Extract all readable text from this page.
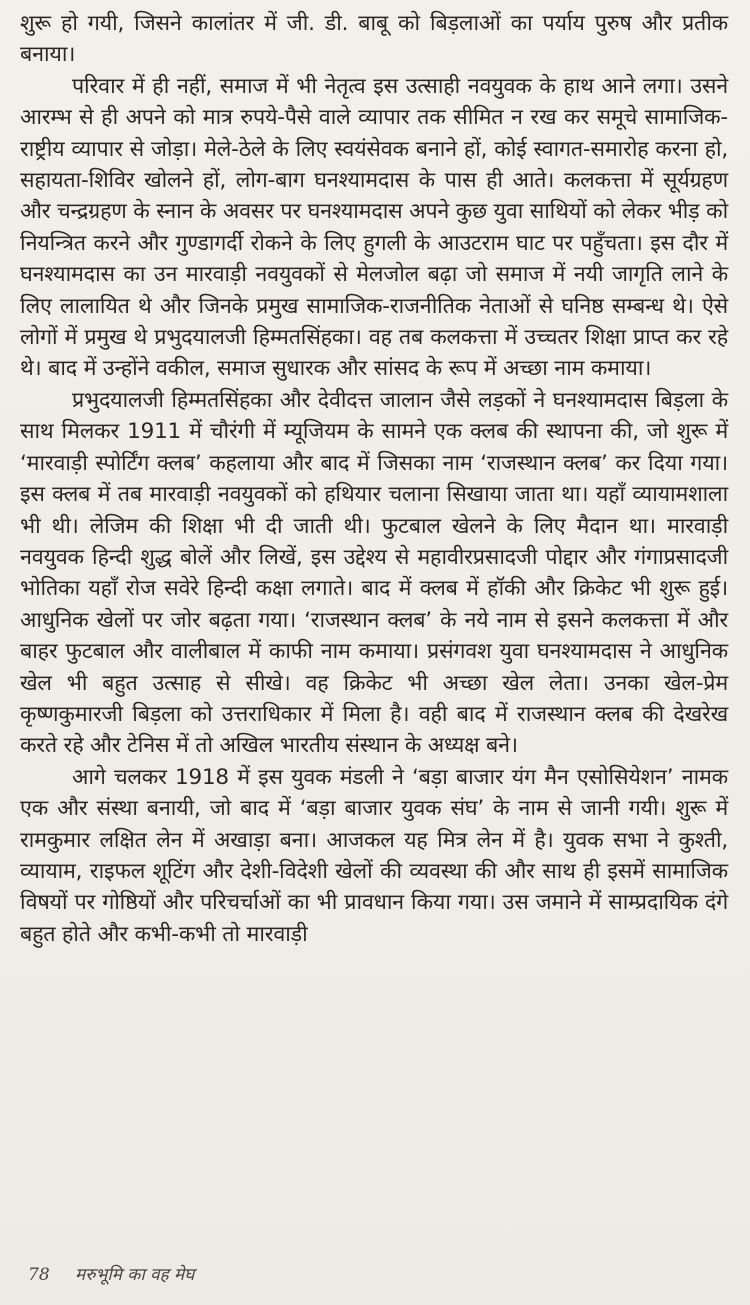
शुरू हो गयी, जिसने कालांतर में जी. डी. बाबू को बिड़लाओं का पर्याय पुरुष और प्रतीक बनाया।

परिवार में ही नहीं, समाज में भी नेतृत्व इस उत्साही नवयुवक के हाथ आने लगा। उसने आरम्भ से ही अपने को मात्र रुपये-पैसे वाले व्यापार तक सीमित न रख कर समूचे सामाजिक-राष्ट्रीय व्यापार से जोड़ा। मेले-ठेले के लिए स्वयंसेवक बनाने हों, कोई स्वागत-समारोह करना हो, सहायता-शिविर खोलने हों, लोग-बाग घनश्यामदास के पास ही आते। कलकत्ता में सूर्यग्रहण और चन्द्रग्रहण के स्नान के अवसर पर घनश्यामदास अपने कुछ युवा साथियों को लेकर भीड़ को नियन्त्रित करने और गुण्डागर्दी रोकने के लिए हुगली के आउटराम घाट पर पहुँचता। इस दौर में घनश्यामदास का उन मारवाड़ी नवयुवकों से मेलजोल बढ़ा जो समाज में नयी जागृति लाने के लिए लालायित थे और जिनके प्रमुख सामाजिक-राजनीतिक नेताओं से घनिष्ठ सम्बन्ध थे। ऐसे लोगों में प्रमुख थे प्रभुदयालजी हिम्मतसिंहका। वह तब कलकत्ता में उच्चतर शिक्षा प्राप्त कर रहे थे। बाद में उन्होंने वकील, समाज सुधारक और सांसद के रूप में अच्छा नाम कमाया।

प्रभुदयालजी हिम्मतसिंहका और देवीदत्त जालान जैसे लड़कों ने घनश्यामदास बिड़ला के साथ मिलकर 1911 में चौरंगी में म्यूजियम के सामने एक क्लब की स्थापना की, जो शुरू में ‘मारवाड़ी स्पोर्टिंग क्लब’ कहलाया और बाद में जिसका नाम ‘राजस्थान क्लब’ कर दिया गया। इस क्लब में तब मारवाड़ी नवयुवकों को हथियार चलाना सिखाया जाता था। यहाँ व्यायामशाला भी थी। लेजिम की शिक्षा भी दी जाती थी। फुटबाल खेलने के लिए मैदान था। मारवाड़ी नवयुवक हिन्दी शुद्ध बोलें और लिखें, इस उद्देश्य से महावीरप्रसादजी पोद्दार और गंगाप्रसादजी भोतिका यहाँ रोज सवेरे हिन्दी कक्षा लगाते। बाद में क्लब में हॉकी और क्रिकेट भी शुरू हुई। आधुनिक खेलों पर जोर बढ़ता गया। ‘राजस्थान क्लब’ के नये नाम से इसने कलकत्ता में और बाहर फुटबाल और वालीबाल में काफी नाम कमाया। प्रसंगवश युवा घनश्यामदास ने आधुनिक खेल भी बहुत उत्साह से सीखे। वह क्रिकेट भी अच्छा खेल लेता। उनका खेल-प्रेम कृष्णकुमारजी बिड़ला को उत्तराधिकार में मिला है। वही बाद में राजस्थान क्लब की देखरेख करते रहे और टेनिस में तो अखिल भारतीय संस्थान के अध्यक्ष बने।

आगे चलकर 1918 में इस युवक मंडली ने ‘बड़ा बाजार यंग मैन एसोसियेशन’ नामक एक और संस्था बनायी, जो बाद में ‘बड़ा बाजार युवक संघ’ के नाम से जानी गयी। शुरू में रामकुमार लक्षित लेन में अखाड़ा बना। आजकल यह मित्र लेन में है। युवक सभा ने कुश्ती, व्यायाम, राइफल शूटिंग और देशी-विदेशी खेलों की व्यवस्था की और साथ ही इसमें सामाजिक विषयों पर गोष्ठियों और परिचर्चाओं का भी प्रावधान किया गया। उस जमाने में साम्प्रदायिक दंगे बहुत होते और कभी-कभी तो मारवाड़ी

78 मरुभूमि का वह मेघ
